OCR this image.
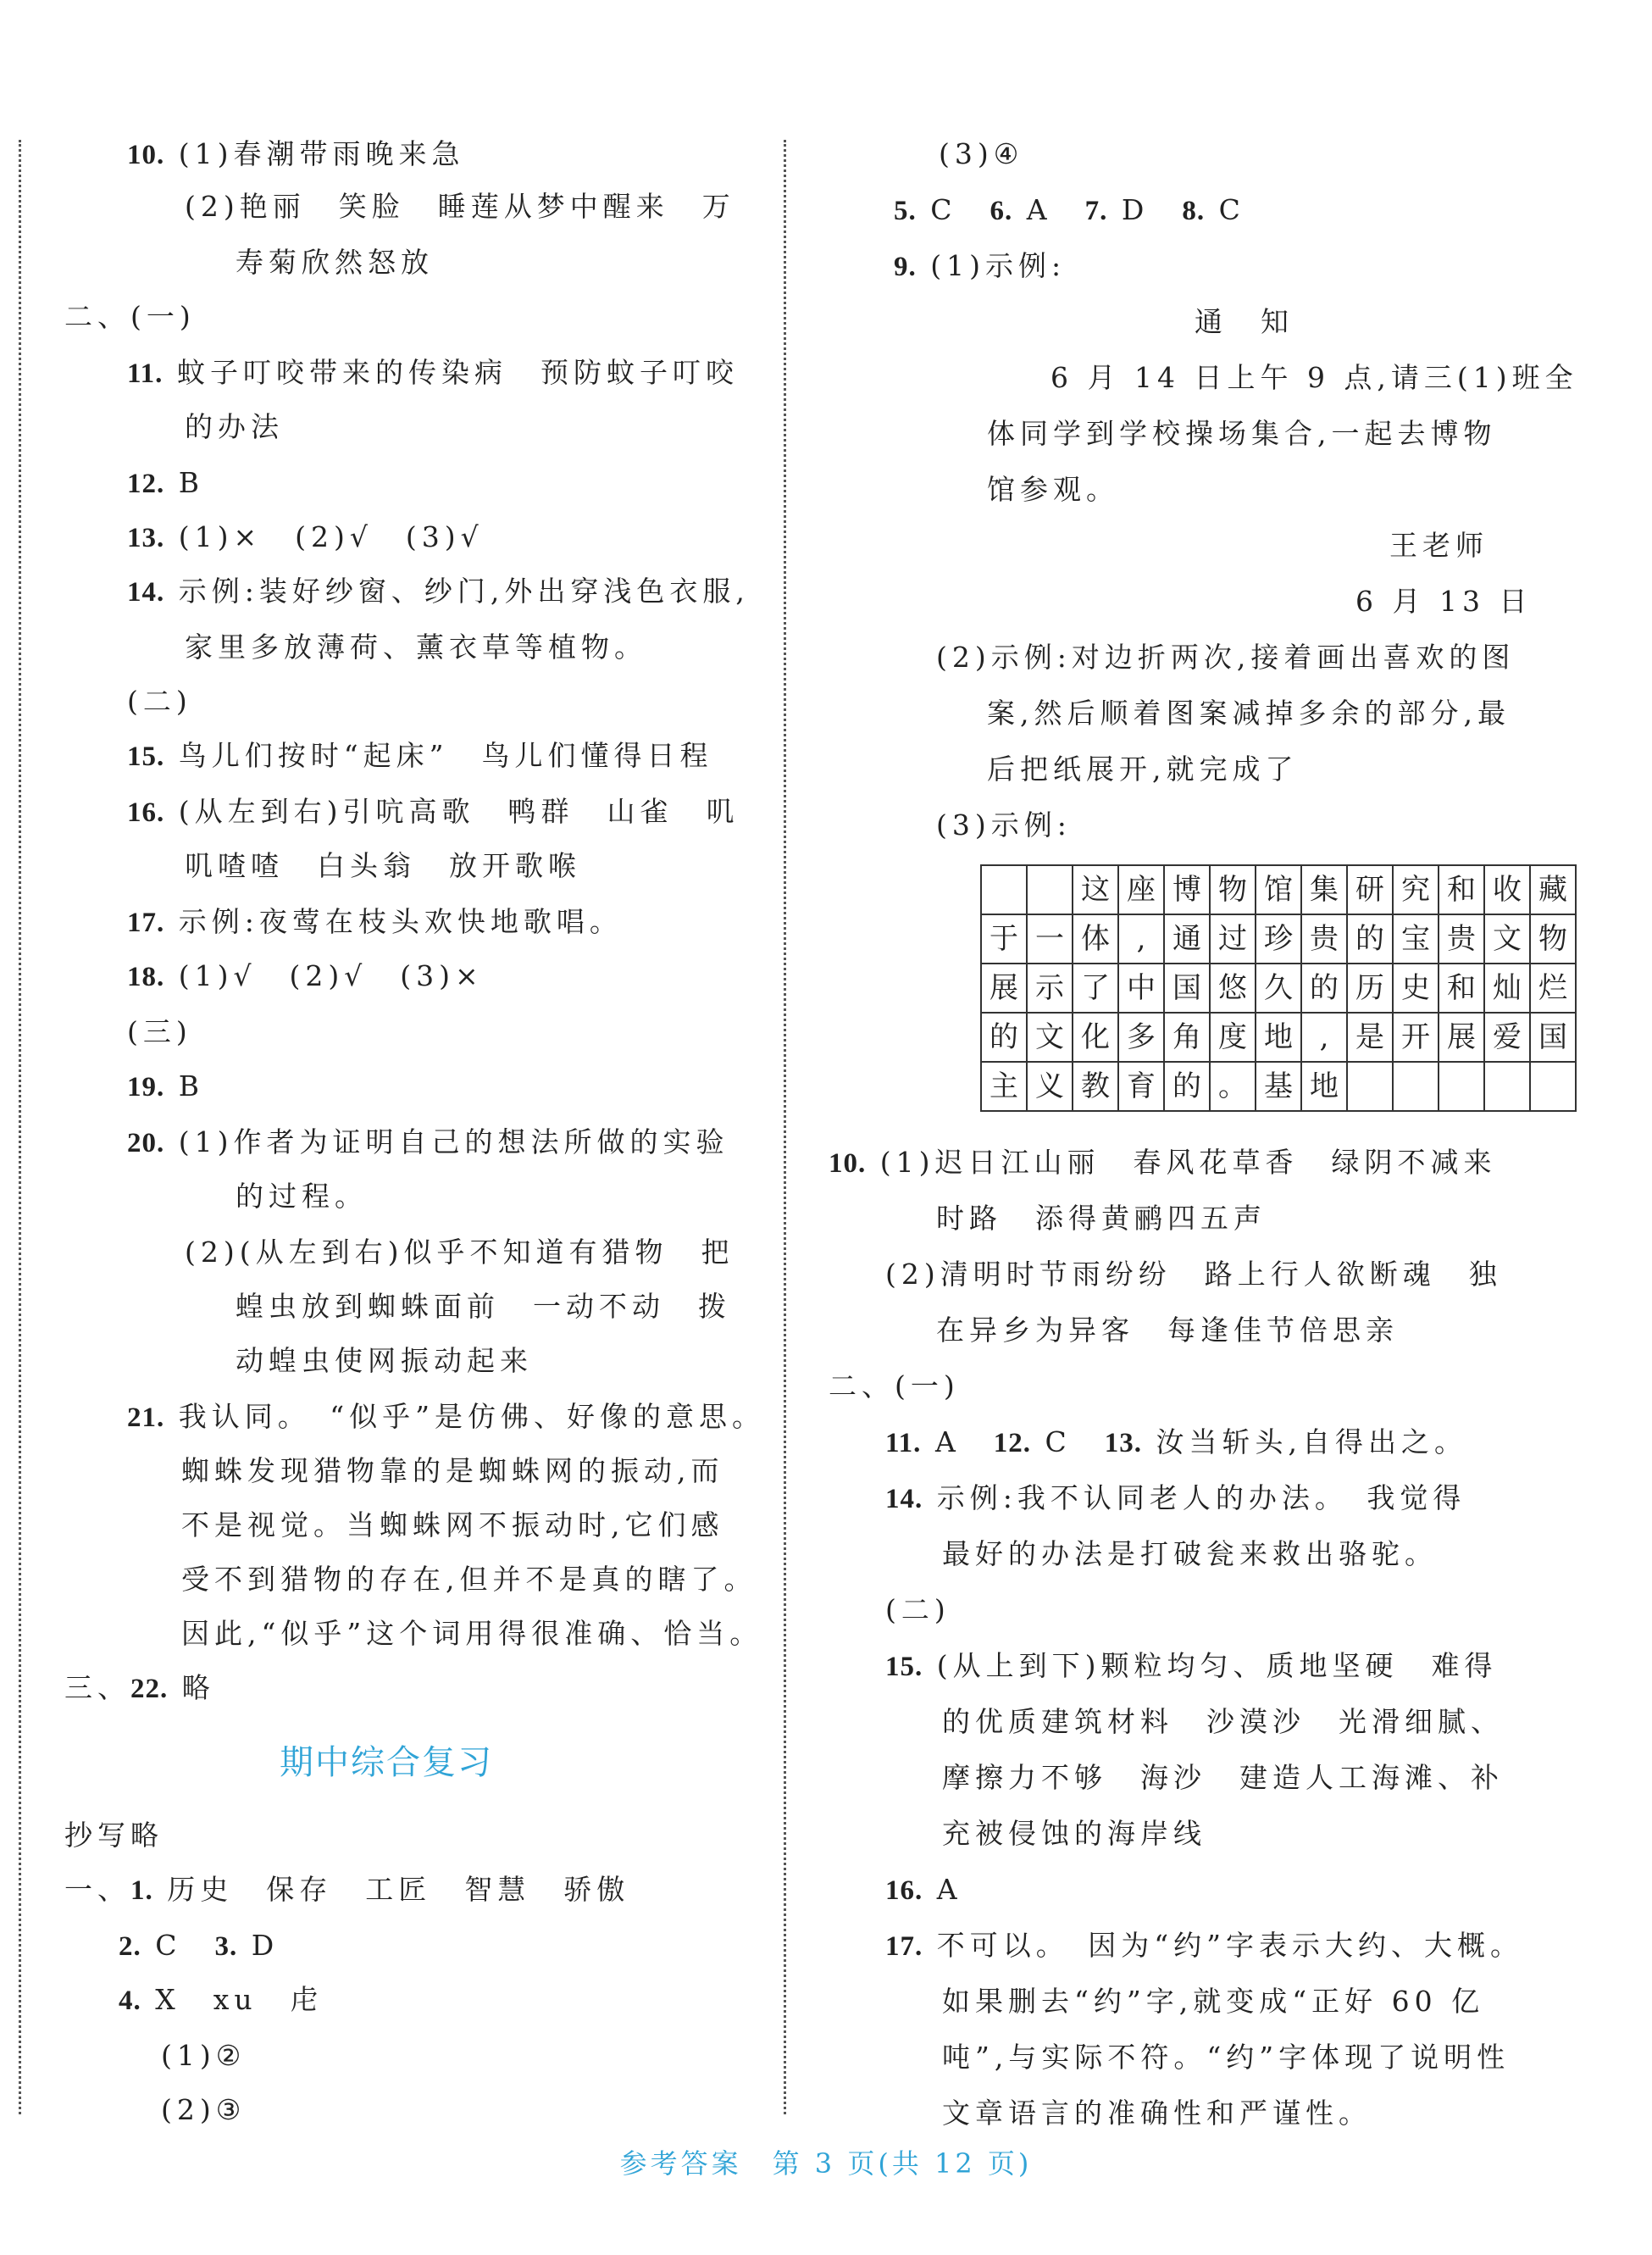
10. (1)春潮带雨晚来急
(2)艳丽　笑脸　睡莲从梦中醒来　万
寿菊欣然怒放
二、(一)
11. 蚊子叮咬带来的传染病　预防蚊子叮咬
的办法
12. B
13. (1)×　(2)√　(3)√
14. 示例:装好纱窗、纱门,外出穿浅色衣服,
家里多放薄荷、薰衣草等植物。
(二)
15. 鸟儿们按时“起床”　鸟儿们懂得日程
16. (从左到右)引吭高歌　鸭群　山雀　叽
叽喳喳　白头翁　放开歌喉
17. 示例:夜莺在枝头欢快地歌唱。
18. (1)√　(2)√　(3)×
(三)
19. B
20. (1)作者为证明自己的想法所做的实验
的过程。
(2)(从左到右)似乎不知道有猎物　把
蝗虫放到蜘蛛面前　一动不动　拨
动蝗虫使网振动起来
21. 我认同。　“似乎”是仿佛、好像的意思。
蜘蛛发现猎物靠的是蜘蛛网的振动,而
不是视觉。当蜘蛛网不振动时,它们感
受不到猎物的存在,但并不是真的瞎了。
因此,“似乎”这个词用得很准确、恰当。
三、22. 略
期中综合复习
抄写略
一、1. 历史　保存　工匠　智慧　骄傲
2. C　 3. D
4. X　xu　虍
(1)②
(2)③
(3)④
5. C　 6. A　 7. D　 8. C
9. (1)示例:
通　知
6 月 14 日上午 9 点,请三(1)班全
体同学到学校操场集合,一起去博物
馆参观。
王老师
6 月 13 日
(2)示例:对边折两次,接着画出喜欢的图
案,然后顺着图案减掉多余的部分,最
后把纸展开,就完成了
(3)示例:
		这	座	博	物	馆	集	研	究	和	收	藏
于	一	体	,	通	过	珍	贵	的	宝	贵	文	物
展	示	了	中	国	悠	久	的	历	史	和	灿	烂
的	文	化	多	角	度	地	,	是	开	展	爱	国
主	义	教	育	的	。	基	地					
10. (1)迟日江山丽　春风花草香　绿阴不减来
时路　添得黄鹂四五声
(2)清明时节雨纷纷　路上行人欲断魂　独
在异乡为异客　每逢佳节倍思亲
二、(一)
11. A　 12. C　 13. 汝当斩头,自得出之。
14. 示例:我不认同老人的办法。　我觉得
最好的办法是打破瓮来救出骆驼。
(二)
15. (从上到下)颗粒均匀、质地坚硬　难得
的优质建筑材料　沙漠沙　光滑细腻、
摩擦力不够　海沙　建造人工海滩、补
充被侵蚀的海岸线
16. A
17. 不可以。　因为“约”字表示大约、大概。
如果删去“约”字,就变成“正好 60 亿
吨”,与实际不符。“约”字体现了说明性
文章语言的准确性和严谨性。
参考答案　第 3 页(共 12 页)
